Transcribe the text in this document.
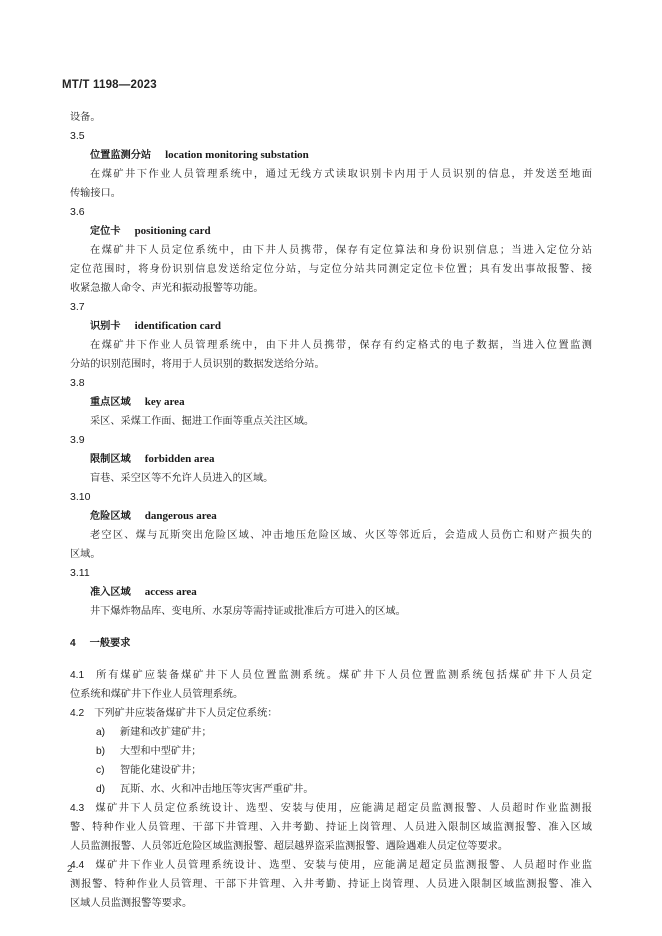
MT/T 1198—2023
设备。
3.5
位置监测分站 location monitoring substation
在煤矿井下作业人员管理系统中，通过无线方式读取识别卡内用于人员识别的信息，并发送至地面
传输接口。
3.6
定位卡 positioning card
在煤矿井下人员定位系统中，由下井人员携带，保存有定位算法和身份识别信息；当进入定位分站
定位范围时，将身份识别信息发送给定位分站，与定位分站共同测定定位卡位置；具有发出事故报警、接
收紧急撤人命令、声光和振动报警等功能。
3.7
识别卡 identification card
在煤矿井下作业人员管理系统中，由下井人员携带，保存有约定格式的电子数据，当进入位置监测
分站的识别范围时，将用于人员识别的数据发送给分站。
3.8
重点区域 key area
采区、采煤工作面、掘进工作面等重点关注区域。
3.9
限制区域 forbidden area
盲巷、采空区等不允许人员进入的区域。
3.10
危险区域 dangerous area
老空区、煤与瓦斯突出危险区域、冲击地压危险区域、火区等邻近后，会造成人员伤亡和财产损失的
区域。
3.11
准入区域 access area
井下爆炸物品库、变电所、水泵房等需持证或批准后方可进入的区域。
4 一般要求
4.1 所有煤矿应装备煤矿井下人员位置监测系统。煤矿井下人员位置监测系统包括煤矿井下人员定
位系统和煤矿井下作业人员管理系统。
4.2 下列矿井应装备煤矿井下人员定位系统：
a) 新建和改扩建矿井；
b) 大型和中型矿井；
c) 智能化建设矿井；
d) 瓦斯、水、火和冲击地压等灾害严重矿井。
4.3 煤矿井下人员定位系统设计、选型、安装与使用，应能满足超定员监测报警、人员超时作业监测报
警、特种作业人员管理、干部下井管理、入井考勤、持证上岗管理、人员进入限制区域监测报警、准入区域
人员监测报警、人员邻近危险区域监测报警、超层越界盗采监测报警、遇险遇难人员定位等要求。
4.4 煤矿井下作业人员管理系统设计、选型、安装与使用，应能满足超定员监测报警、人员超时作业监
测报警、特种作业人员管理、干部下井管理、入井考勤、持证上岗管理、人员进入限制区域监测报警、准入
区域人员监测报警等要求。
2
